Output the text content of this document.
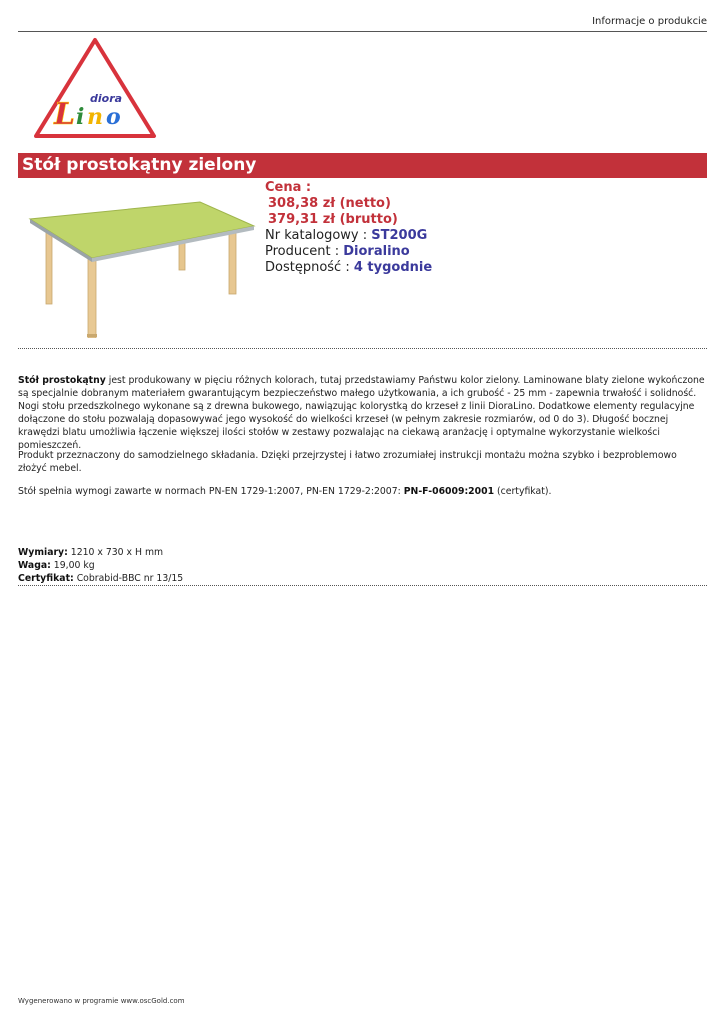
Informacje o produkcie
diora
L i n o
Stół prostokątny zielony
Cena :
308,38 zł (netto)
379,31 zł (brutto)
Nr katalogowy : ST200G
Producent : Dioralino
Dostępność : 4 tygodnie

Stół prostokątny jest produkowany w pięciu różnych kolorach, tutaj przedstawiamy Państwu kolor zielony. Laminowane blaty zielone wykończone są specjalnie dobranym materiałem gwarantującym bezpieczeństwo małego użytkowania, a ich grubość - 25 mm - zapewnia trwałość i solidność. Nogi stołu przedszkolnego wykonane są z drewna bukowego, nawiązując kolorystką do krzeseł z linii DioraLino. Dodatkowe elementy regulacyjne dołączone do stołu pozwalają dopasowywać jego wysokość do wielkości krzeseł (w pełnym zakresie rozmiarów, od 0 do 3). Długość bocznej krawędzi blatu umożliwia łączenie większej ilości stołów w zestawy pozwalając na ciekawą aranżację i optymalne wykorzystanie wielkości pomieszczeń.

Produkt przeznaczony do samodzielnego składania. Dzięki przejrzystej i łatwo zrozumiałej instrukcji montażu można szybko i bezproblemowo złożyć mebel.

Stół spełnia wymogi zawarte w normach PN-EN 1729-1:2007, PN-EN 1729-2:2007: PN-F-06009:2001 (certyfikat).

Wymiary: 1210 x 730 x H mm
Waga: 19,00 kg
Certyfikat: Cobrabid-BBC nr 13/15
Wygenerowano w programie www.oscGold.com
